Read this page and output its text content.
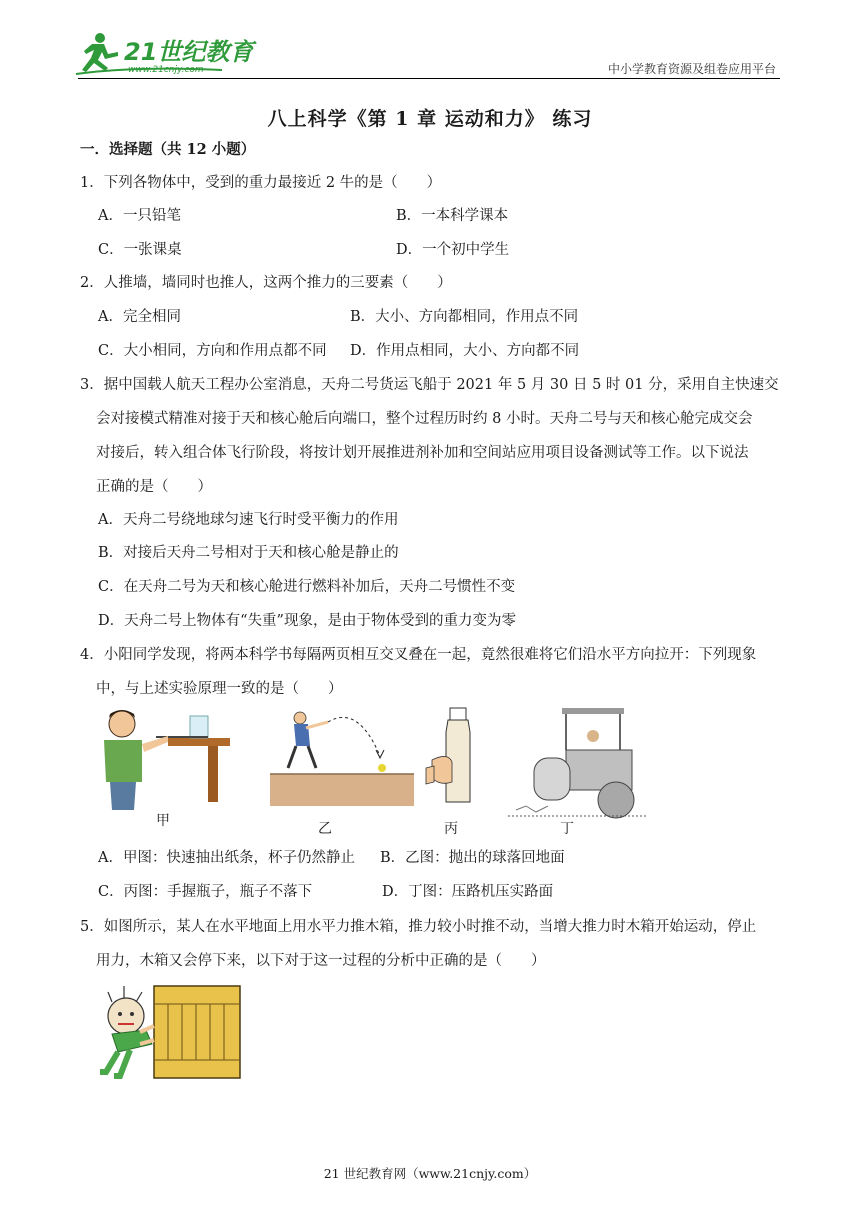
21世纪教育
www.21cnjy.com	中小学教育资源及组卷应用平台
八上科学《第 1 章 运动和力》 练习
一．选择题（共 12 小题）
1．下列各物体中，受到的重力最接近 2 牛的是（　　）
A．一只铅笔	B．一本科学课本
C．一张课桌	D．一个初中学生
2．人推墙，墙同时也推人，这两个推力的三要素（　　）
A．完全相同	B．大小、方向都相同，作用点不同
C．大小相同，方向和作用点都不同 D．作用点相同，大小、方向都不同
3．据中国载人航天工程办公室消息，天舟二号货运飞船于 2021 年 5 月 30 日 5 时 01 分，采用自主快速交
会对接模式精准对接于天和核心舱后向端口，整个过程历时约 8 小时。天舟二号与天和核心舱完成交会
对接后，转入组合体飞行阶段，将按计划开展推进剂补加和空间站应用项目设备测试等工作。以下说法
正确的是（　　）
A．天舟二号绕地球匀速飞行时受平衡力的作用
B．对接后天舟二号相对于天和核心舱是静止的
C．在天舟二号为天和核心舱进行燃料补加后，天舟二号惯性不变
D．天舟二号上物体有“失重”现象，是由于物体受到的重力变为零
4．小阳同学发现，将两本科学书每隔两页相互交叉叠在一起，竟然很难将它们沿水平方向拉开：下列现象
中，与上述实验原理一致的是（　　）
甲	乙	丙	丁
A．甲图：快速抽出纸条，杯子仍然静止 B．乙图：抛出的球落回地面
C．丙图：手握瓶子，瓶子不落下	D．丁图：压路机压实路面
5．如图所示，某人在水平地面上用水平力推木箱，推力较小时推不动，当增大推力时木箱开始运动，停止
用力，木箱又会停下来，以下对于这一过程的分析中正确的是（　　）
21 世纪教育网（www.21cnjy.com）
